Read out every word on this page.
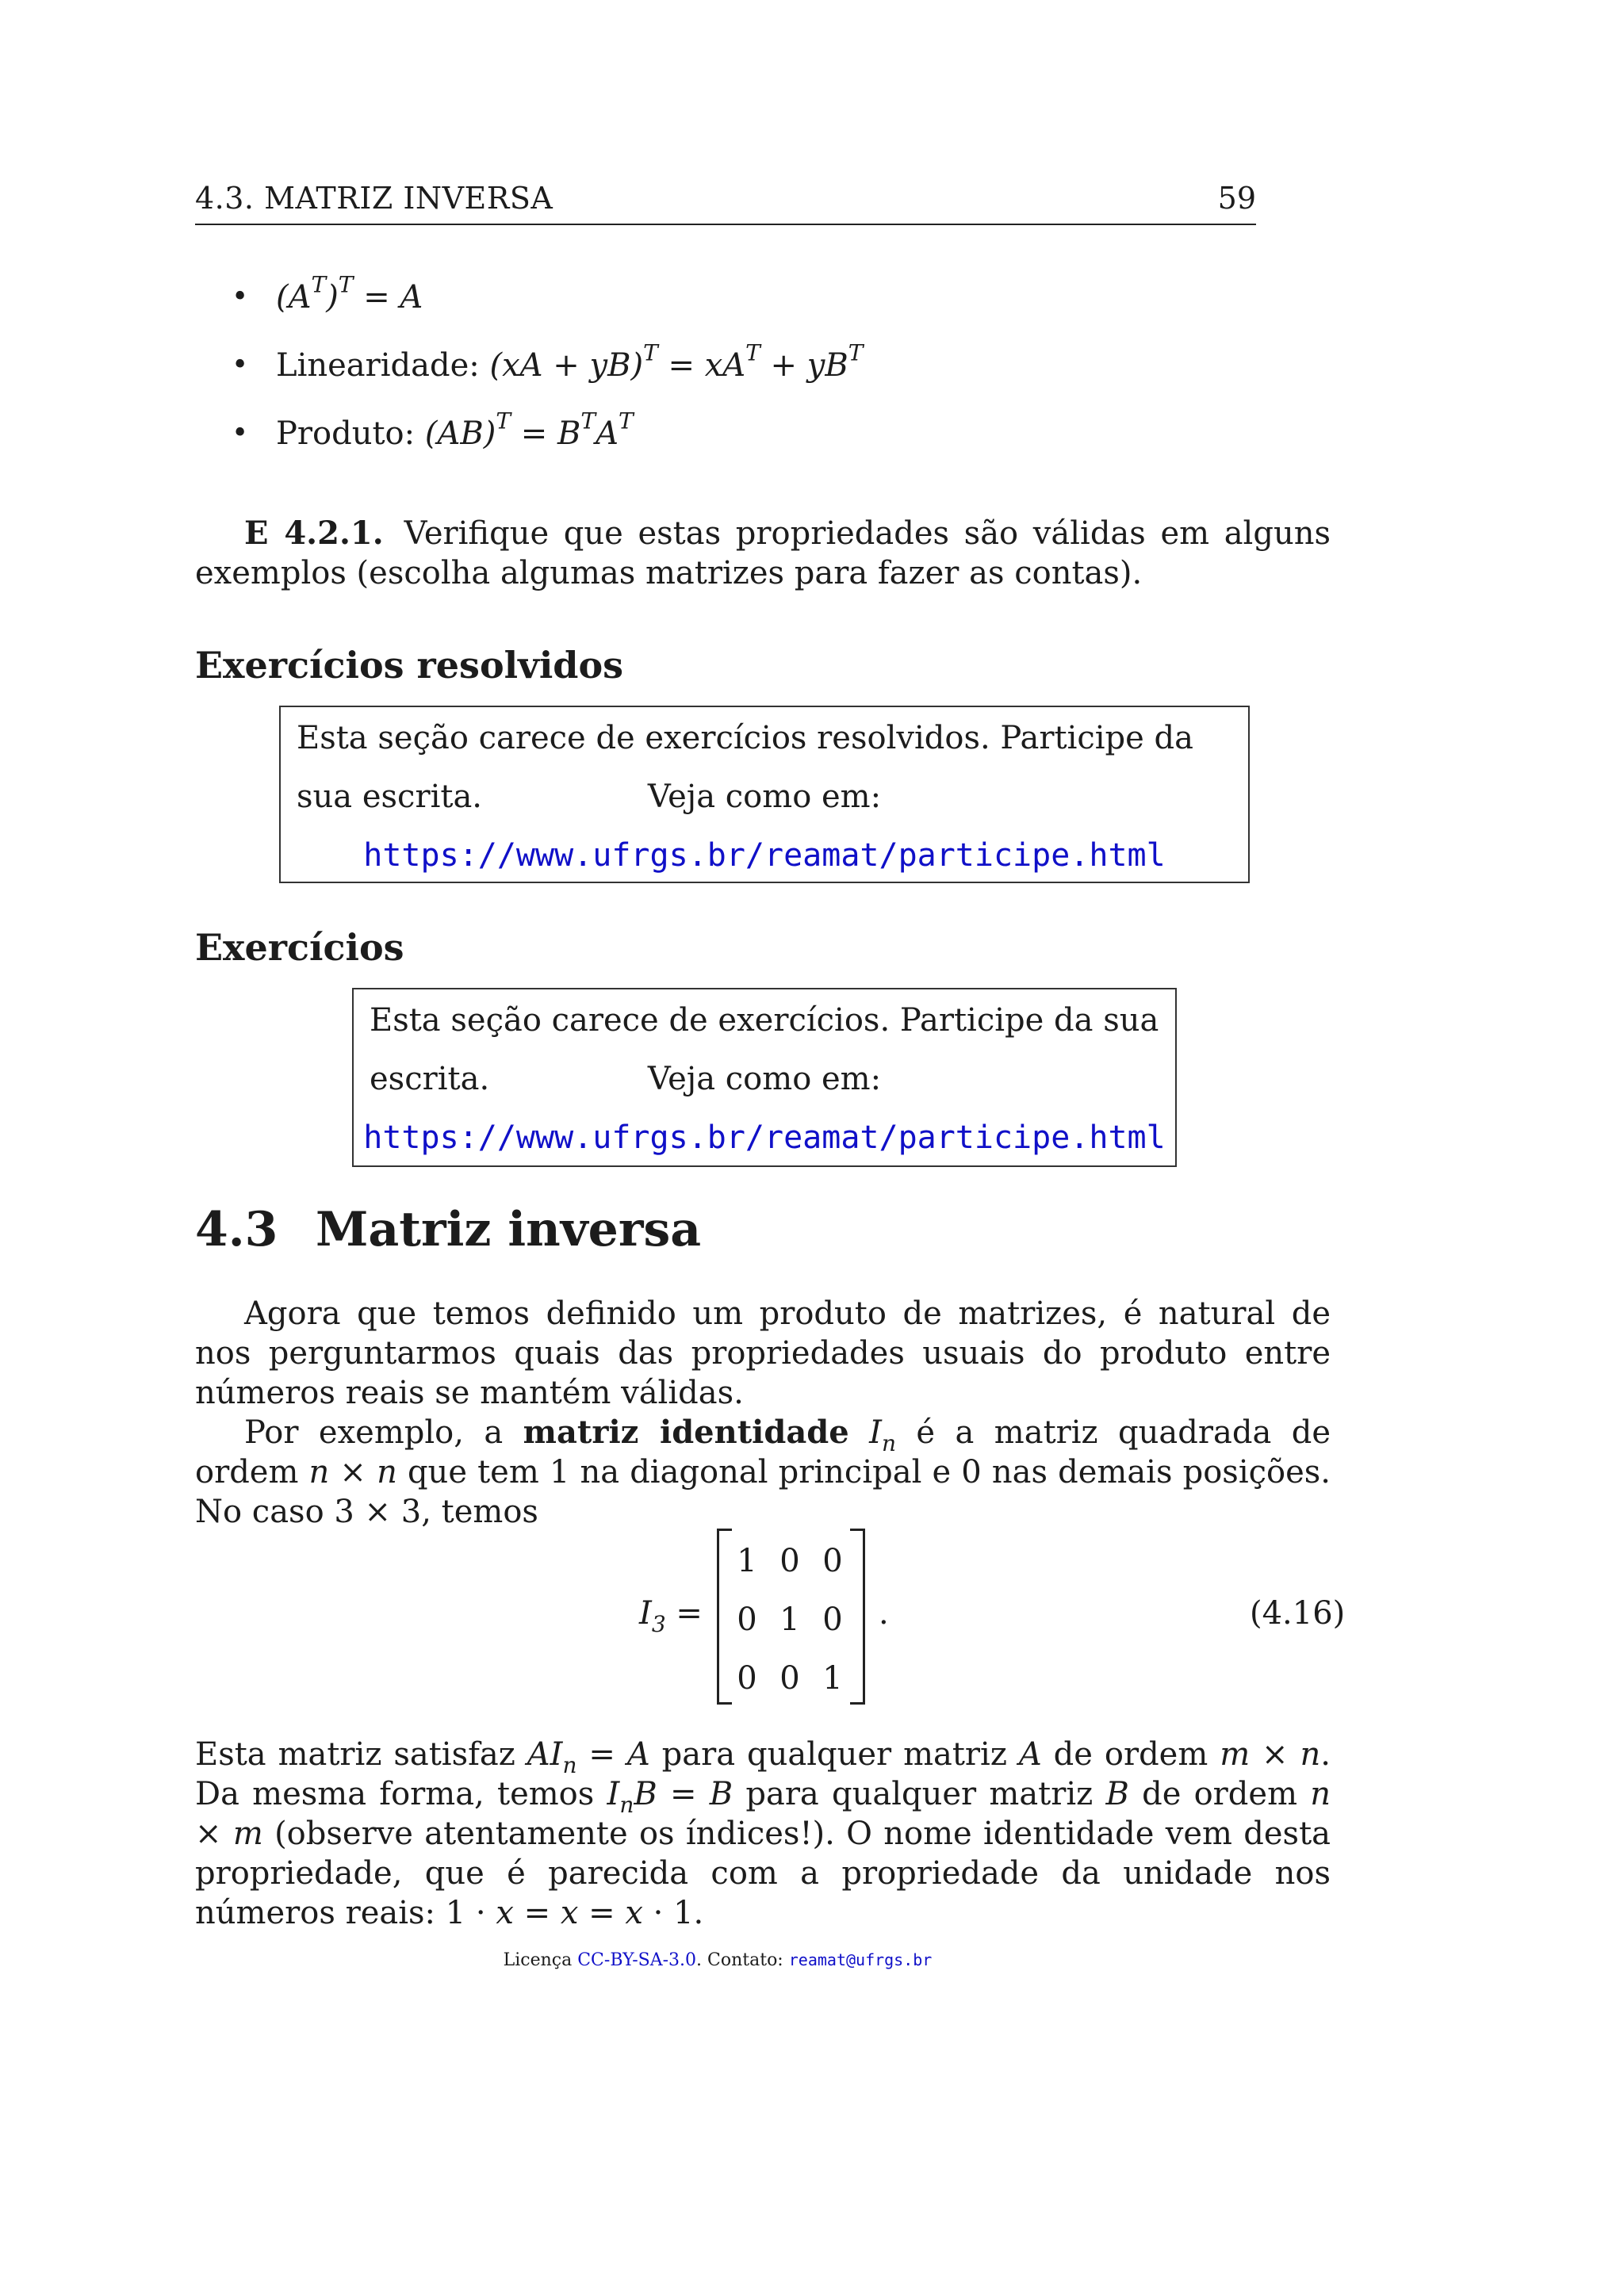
4.3. MATRIZ INVERSA	59
• $(A^T)^T = A$
• Linearidade: $(xA + yB)^T = xA^T + yB^T$
• Produto: $(AB)^T = B^TA^T$
E 4.2.1. Verifique que estas propriedades são válidas em alguns exemplos (escolha algumas matrizes para fazer as contas).
Exercícios resolvidos
Esta seção carece de exercícios resolvidos. Participe da sua escrita.	Veja como em:
https://www.ufrgs.br/reamat/participe.html
Exercícios
Esta seção carece de exercícios. Participe da sua escrita.	Veja como em:
https://www.ufrgs.br/reamat/participe.html
4.3 Matriz inversa
Agora que temos definido um produto de matrizes, é natural de nos perguntarmos quais das propriedades usuais do produto entre números reais se mantém válidas.
Por exemplo, a matriz identidade $I_n$ é a matriz quadrada de ordem n × n que tem 1 na diagonal principal e 0 nas demais posições. No caso 3 × 3, temos
$I_3$ =
1 0 0
0 1 0
0 0 1
.	(4.16)
Esta matriz satisfaz $AI_n = A$ para qualquer matriz A de ordem m × n. Da mesma forma, temos $I_nB = B$ para qualquer matriz B de ordem n × m (observe atentamente os índices!). O nome identidade vem desta propriedade, que é parecida com a propriedade da unidade nos números reais: 1 · x = x = x · 1.
Licença CC-BY-SA-3.0. Contato: reamat@ufrgs.br
